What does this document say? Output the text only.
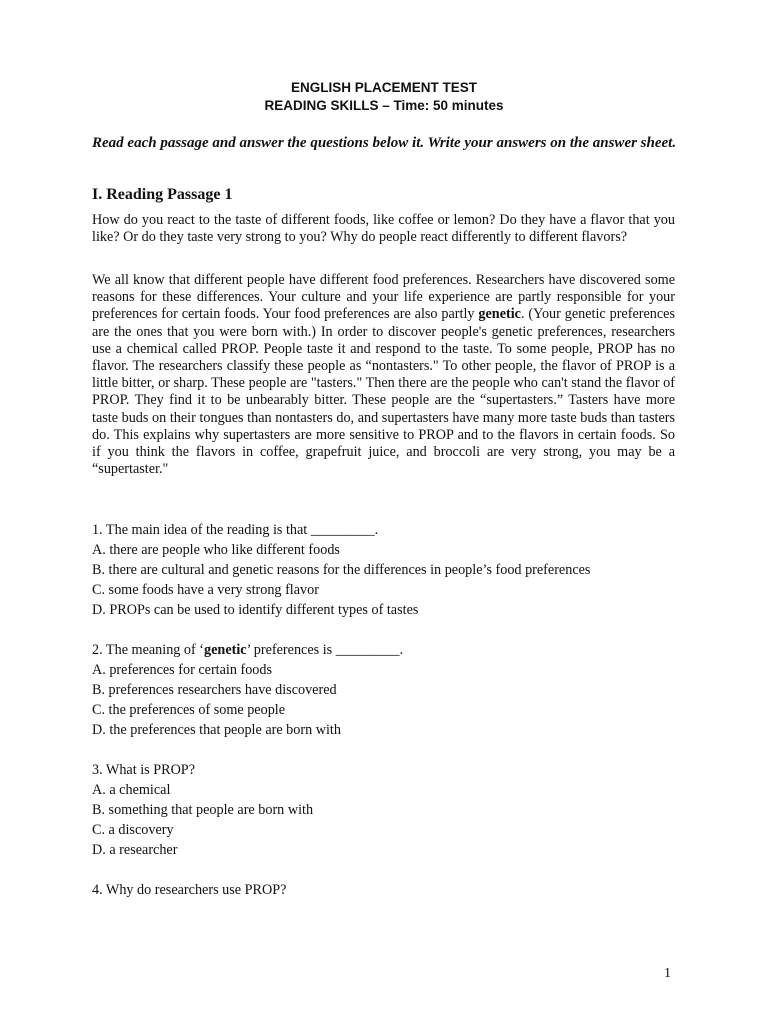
ENGLISH PLACEMENT TEST
READING SKILLS – Time: 50 minutes
Read each passage and answer the questions below it. Write your answers on the answer sheet.
I. Reading Passage 1

How do you react to the taste of different foods, like coffee or lemon? Do they have a flavor that you like? Or do they taste very strong to you? Why do people react differently to different flavors?

We all know that different people have different food preferences. Researchers have discovered some reasons for these differences. Your culture and your life experience are partly responsible for your preferences for certain foods. Your food preferences are also partly genetic. (Your genetic preferences are the ones that you were born with.) In order to discover people's genetic preferences, researchers use a chemical called PROP. People taste it and respond to the taste. To some people, PROP has no flavor. The researchers classify these people as “nontasters." To other people, the flavor of PROP is a little bitter, or sharp. These people are "tasters." Then there are the people who can't stand the flavor of PROP. They find it to be unbearably bitter. These people are the “supertasters.” Tasters have more taste buds on their tongues than nontasters do, and supertasters have many more taste buds than tasters do. This explains why supertasters are more sensitive to PROP and to the flavors in certain foods. So if you think the flavors in coffee, grapefruit juice, and broccoli are very strong, you may be a “supertaster."

1. The main idea of the reading is that _________.
A. there are people who like different foods
B. there are cultural and genetic reasons for the differences in people’s food preferences
C. some foods have a very strong flavor
D. PROPs can be used to identify different types of tastes
2. The meaning of ‘genetic’ preferences is _________.
A. preferences for certain foods
B. preferences researchers have discovered
C. the preferences of some people
D. the preferences that people are born with
3. What is PROP?
A. a chemical
B. something that people are born with
C. a discovery
D. a researcher
4. Why do researchers use PROP?
1
